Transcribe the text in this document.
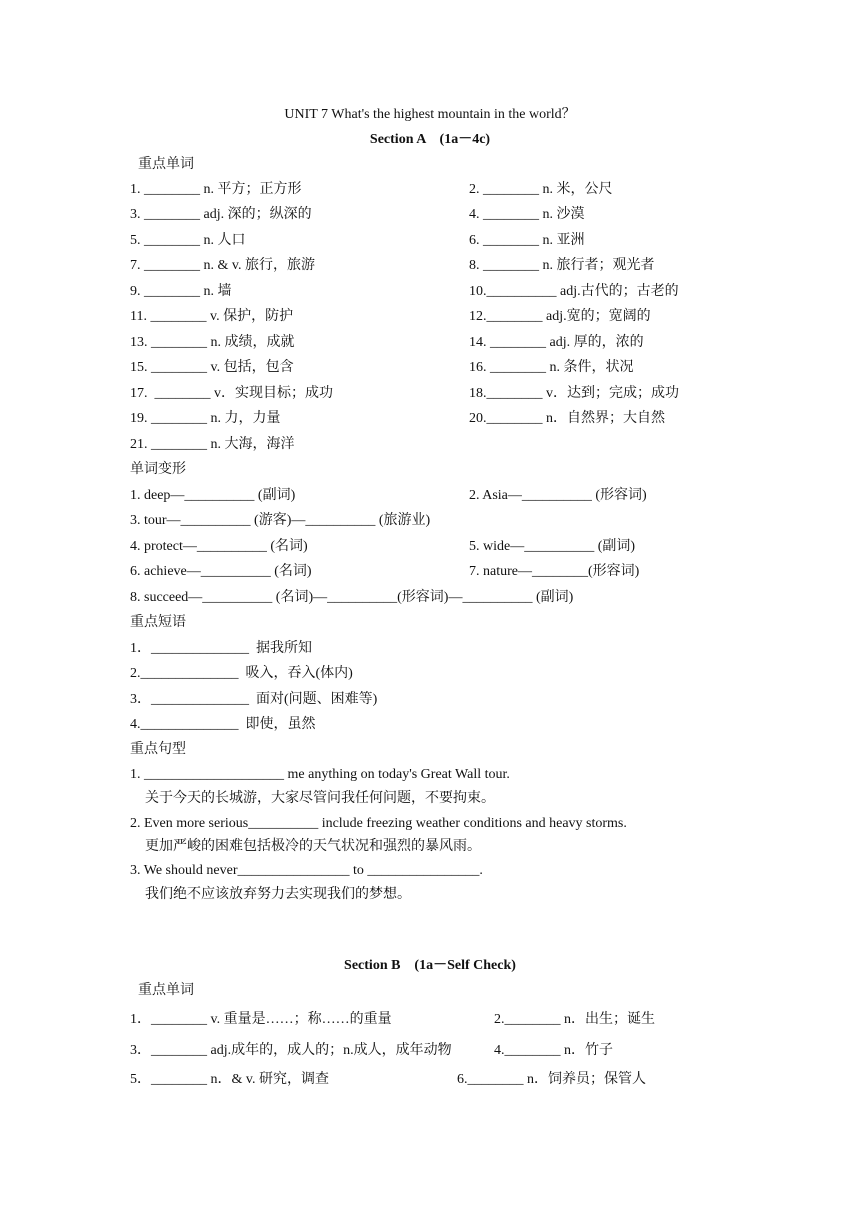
UNIT 7 What's the highest mountain in the world？
Section A　(1a－4c)
重点单词
1. ________ n. 平方；正方形	2. ________ n. 米，公尺
3. ________ adj. 深的；纵深的	4. ________ n. 沙漠
5. ________ n. 人口	6. ________ n. 亚洲
7. ________ n. & v. 旅行，旅游	8. ________ n. 旅行者；观光者
9. ________ n. 墙	10.__________ adj.古代的；古老的
11. ________ v. 保护，防护	12.________ adj.宽的；宽阔的
13. ________ n. 成绩，成就	14. ________ adj. 厚的，浓的
15. ________ v. 包括，包含	16. ________ n. 条件，状况
17.  ________ v．实现目标；成功	18.________ v．达到；完成；成功
19. ________ n. 力，力量	20.________ n．自然界；大自然
21. ________ n. 大海，海洋
单词变形
1. deep—__________ (副词)	2. Asia—__________ (形容词)
3. tour—__________ (游客)—__________ (旅游业)
4. protect—__________ (名词)	5. wide—__________ (副词)
6. achieve—__________ (名词)	7. nature—________(形容词)
8. succeed—__________ (名词)—__________(形容词)—__________ (副词)
重点短语
1．______________  据我所知
2.______________  吸入，吞入(体内)
3．______________  面对(问题、困难等)
4.______________  即使，虽然
重点句型
1. ____________________ me anything on today's Great Wall tour.
关于今天的长城游，大家尽管问我任何问题，不要拘束。
2. Even more serious__________ include freezing weather conditions and heavy storms.
更加严峻的困难包括极冷的天气状况和强烈的暴风雨。
3. We should never________________ to ________________.
我们绝不应该放弃努力去实现我们的梦想。
Section B　(1a－Self Check)
重点单词
1．________ v. 重量是……；称……的重量	2.________ n．出生；诞生
3．________ adj.成年的，成人的；n.成人，成年动物	4.________ n．竹子
5．________ n．& v. 研究，调查	6.________ n．饲养员；保管人
